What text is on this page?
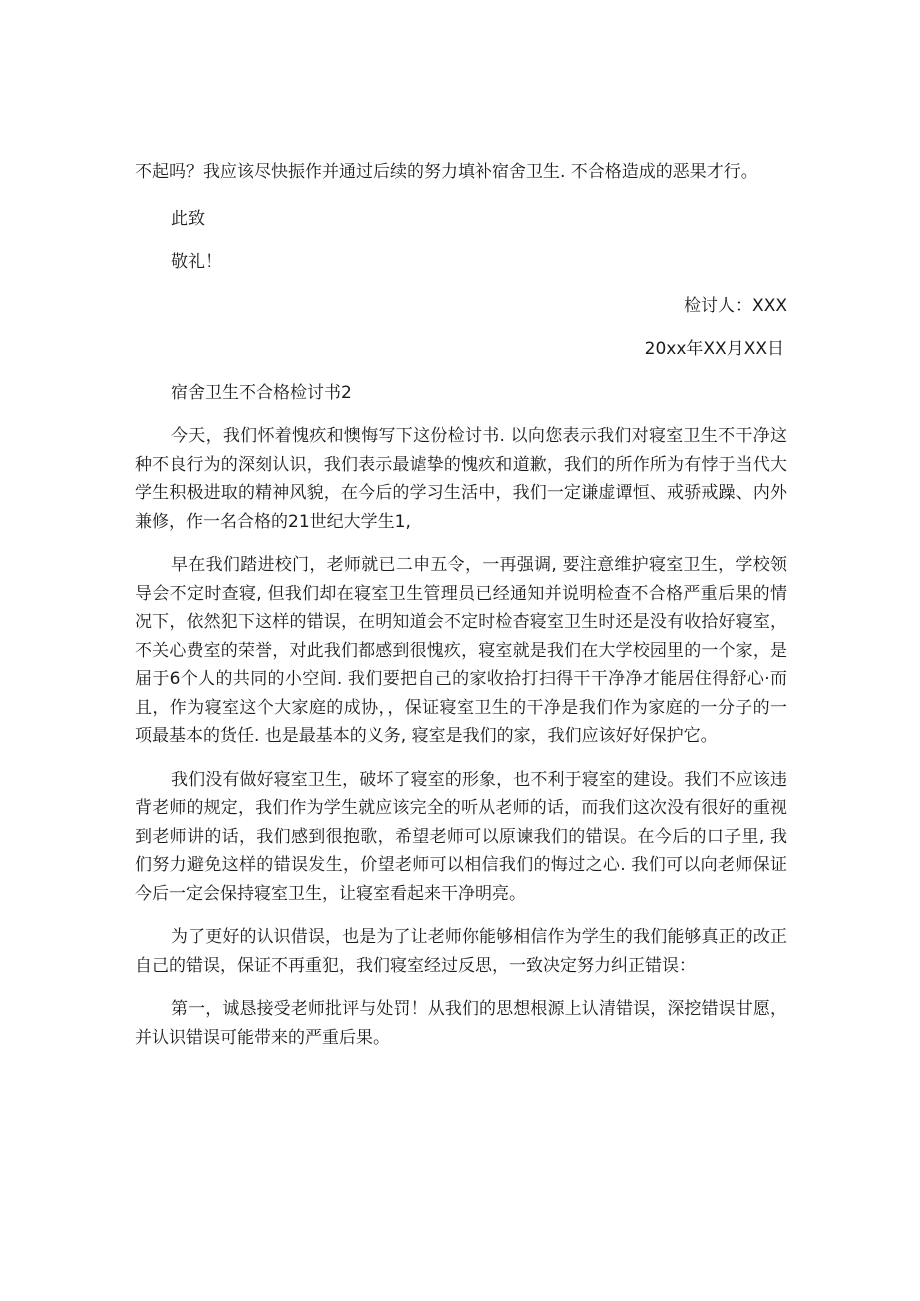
不起吗？我应该尽快振作并通过后续的努力填补宿舍卫生. 不合格造成的恶果才行。

此致

敬礼！

检讨人：XXX

20xx年XX月XX日

宿舍卫生不合格检讨书2

今天，我们怀着愧疚和懊悔写下这份检讨书. 以向您表示我们对寝室卫生不干净这种不良行为的深刻认识，我们表示最谑挚的愧疚和道歉，我们的所作所为有悖于当代大学生积极进取的精神风貌，在今后的学习生活中，我们一定谦虚谭恒、戒骄戒躁、内外兼修，作一名合格的21世纪大学生1,

早在我们踏进校门，老师就已二申五令，一再强调, 要注意维护寝室卫生，学校领导会不定时查寝, 但我们却在寝室卫生管理员已经通知并说明检查不合格严重后果的情况下，依然犯下这样的错误，在明知道会不定时检杳寝室卫生时还是没有收拾好寝室，不关心费室的荣誉，对此我们都感到很愧疚，寝室就是我们在大学校园里的一个家，是届于6个人的共同的小空间. 我们要把自己的家收拾打扫得干干净净才能居住得舒心·而且，作为寝室这个大家庭的成协，，保证寝室卫生的干净是我们作为家庭的一分子的一项最基本的货任. 也是最基本的义务, 寝室是我们的家，我们应该好好保护它。

我们没有做好寝室卫生，破坏了寝室的形象，也不利于寝室的建设。我们不应该违背老师的规定，我们作为学生就应该完全的听从老师的话，而我们这次没有很好的重视到老师讲的话，我们感到很抱歌，希望老师可以原谏我们的错误。在今后的口子里, 我们努力避免这样的错误发生，价望老师可以相信我们的悔过之心. 我们可以向老师保证今后一定会保持寝室卫生，让寝室看起来干净明亮。

为了更好的认识借误，也是为了让老师你能够相信作为学生的我们能够真正的改正自己的错误，保证不再重犯，我们寝室经过反思，一致决定努力纠正错误：

第一，诚恳接受老师批评与处罚！从我们的思想根源上认清错误，深挖错误甘愿，并认识错误可能带来的严重后果。
